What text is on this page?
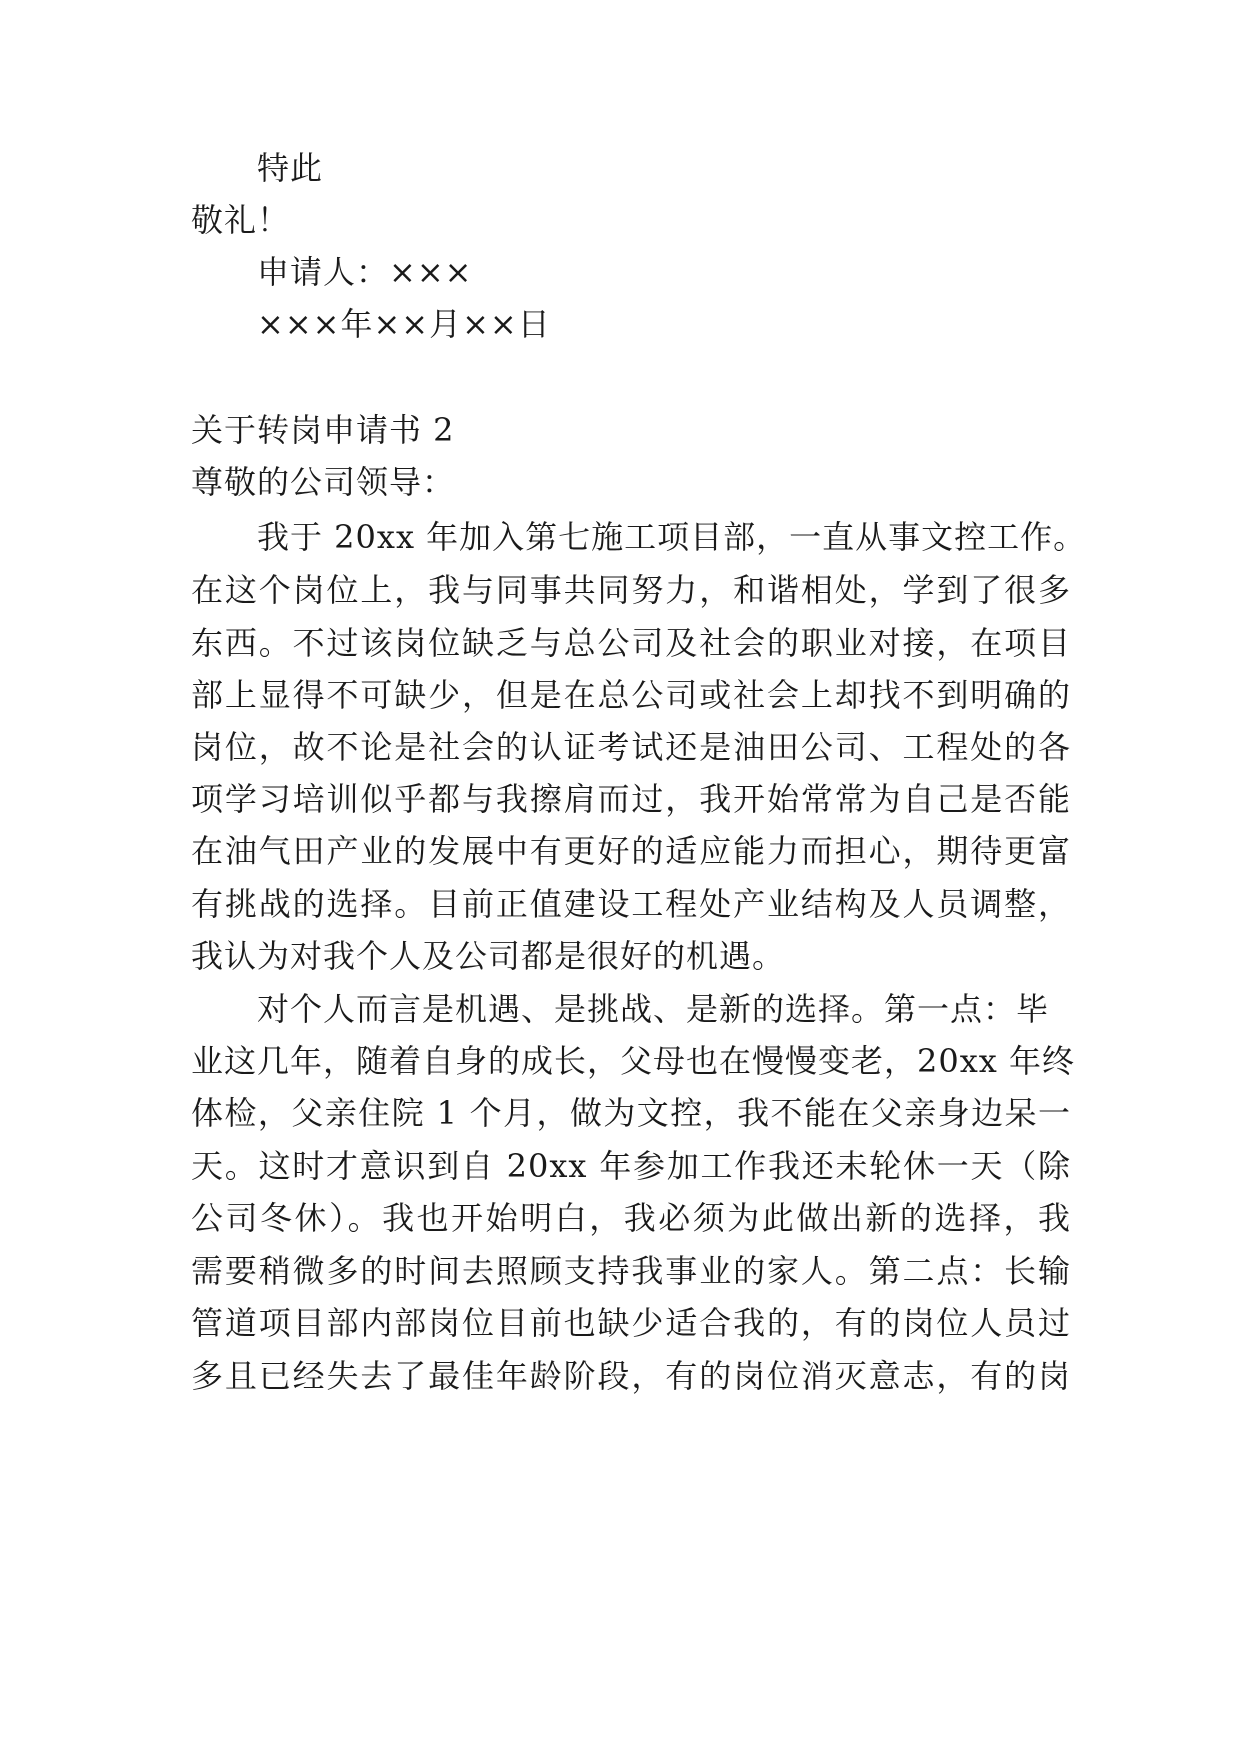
特此
敬礼！
申请人：×××
×××年××月××日
关于转岗申请书 2
尊敬的公司领导：
我于 20xx 年加入第七施工项目部，一直从事文控工作。
在这个岗位上，我与同事共同努力，和谐相处，学到了很多
东西。不过该岗位缺乏与总公司及社会的职业对接，在项目
部上显得不可缺少，但是在总公司或社会上却找不到明确的
岗位，故不论是社会的认证考试还是油田公司、工程处的各
项学习培训似乎都与我擦肩而过，我开始常常为自己是否能
在油气田产业的发展中有更好的适应能力而担心，期待更富
有挑战的选择。目前正值建设工程处产业结构及人员调整，
我认为对我个人及公司都是很好的机遇。
对个人而言是机遇、是挑战、是新的选择。第一点：毕
业这几年，随着自身的成长，父母也在慢慢变老，20xx 年终
体检，父亲住院 1 个月，做为文控，我不能在父亲身边呆一
天。这时才意识到自 20xx 年参加工作我还未轮休一天（除
公司冬休）。我也开始明白，我必须为此做出新的选择，我
需要稍微多的时间去照顾支持我事业的家人。第二点：长输
管道项目部内部岗位目前也缺少适合我的，有的岗位人员过
多且已经失去了最佳年龄阶段，有的岗位消灭意志，有的岗
